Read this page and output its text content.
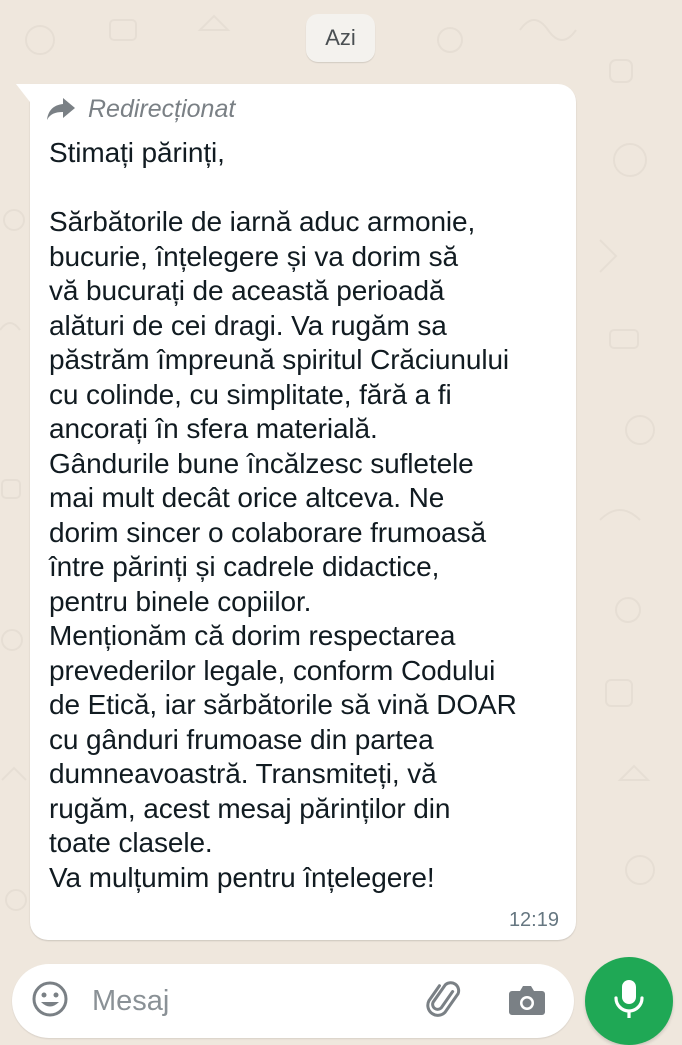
Azi
Redirecționat
Stimați părinți,

Sărbătorile de iarnă aduc armonie,
bucurie, înțelegere și va dorim să
vă bucurați de această perioadă
alături de cei dragi. Va rugăm sa
păstrăm împreună spiritul Crăciunului
cu colinde, cu simplitate, fără a fi
ancorați în sfera materială.
Gândurile bune încălzesc sufletele
mai mult decât orice altceva. Ne
dorim sincer o colaborare frumoasă
între părinți și cadrele didactice,
pentru binele copiilor.
Menționăm că dorim respectarea
prevederilor legale, conform Codului
de Etică, iar sărbătorile să vină DOAR
cu gânduri frumoase din partea
dumneavoastră. Transmiteți, vă
rugăm, acest mesaj părinților din
toate clasele.
Va mulțumim pentru înțelegere!
12:19
Mesaj
